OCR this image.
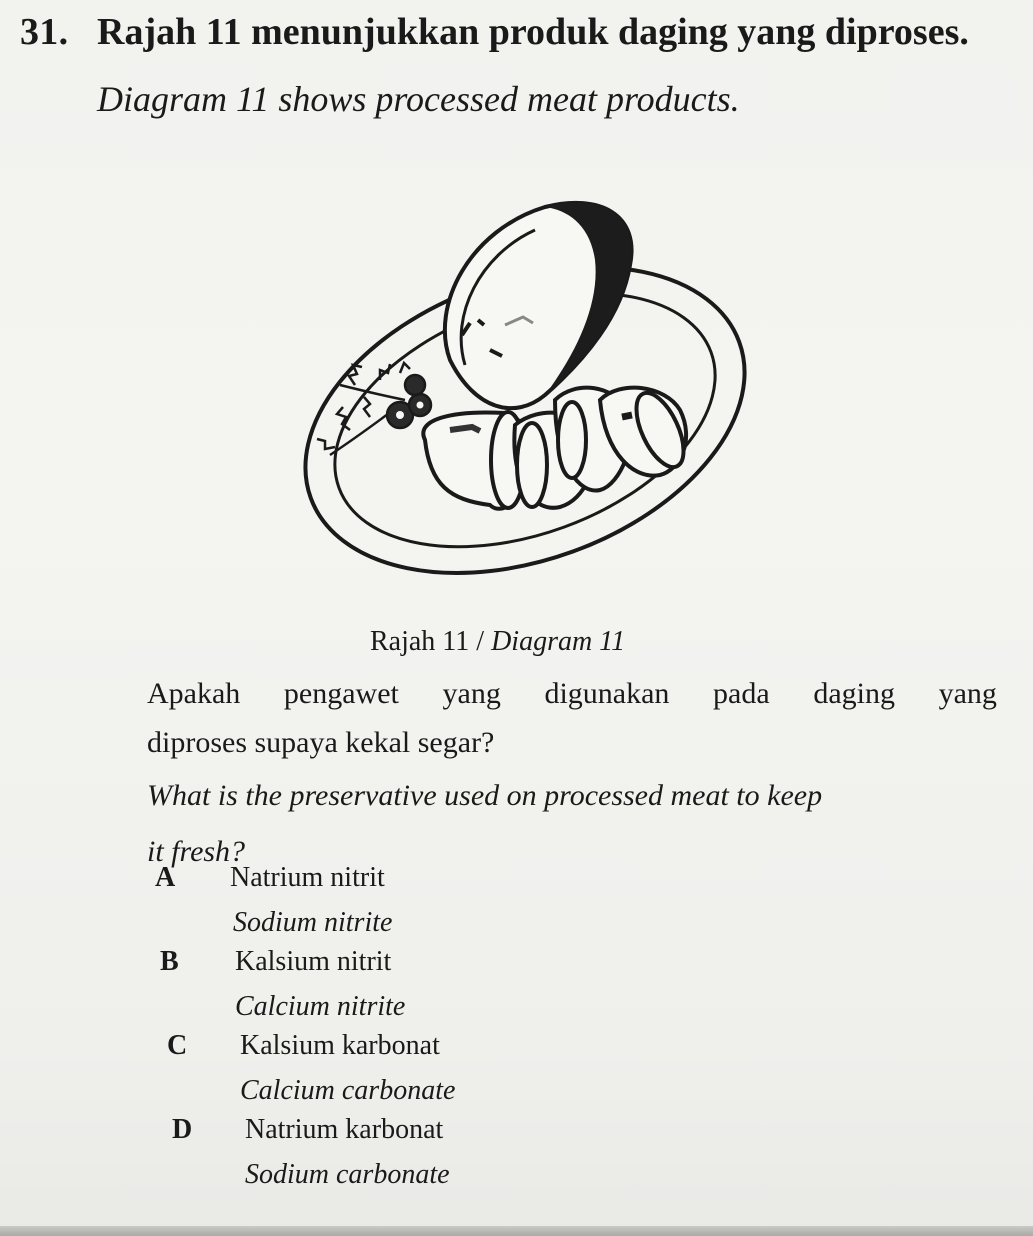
31. Rajah 11 menunjukkan produk daging yang diproses.
Diagram 11 shows processed meat products.
Rajah 11 / Diagram 11
Apakah pengawet yang digunakan pada daging yang
diproses supaya kekal segar?
What is the preservative used on processed meat to keep
it fresh?
A	Natrium nitrit
Sodium nitrite
B	Kalsium nitrit
Calcium nitrite
C	Kalsium karbonat
Calcium carbonate
D	Natrium karbonat
Sodium carbonate
